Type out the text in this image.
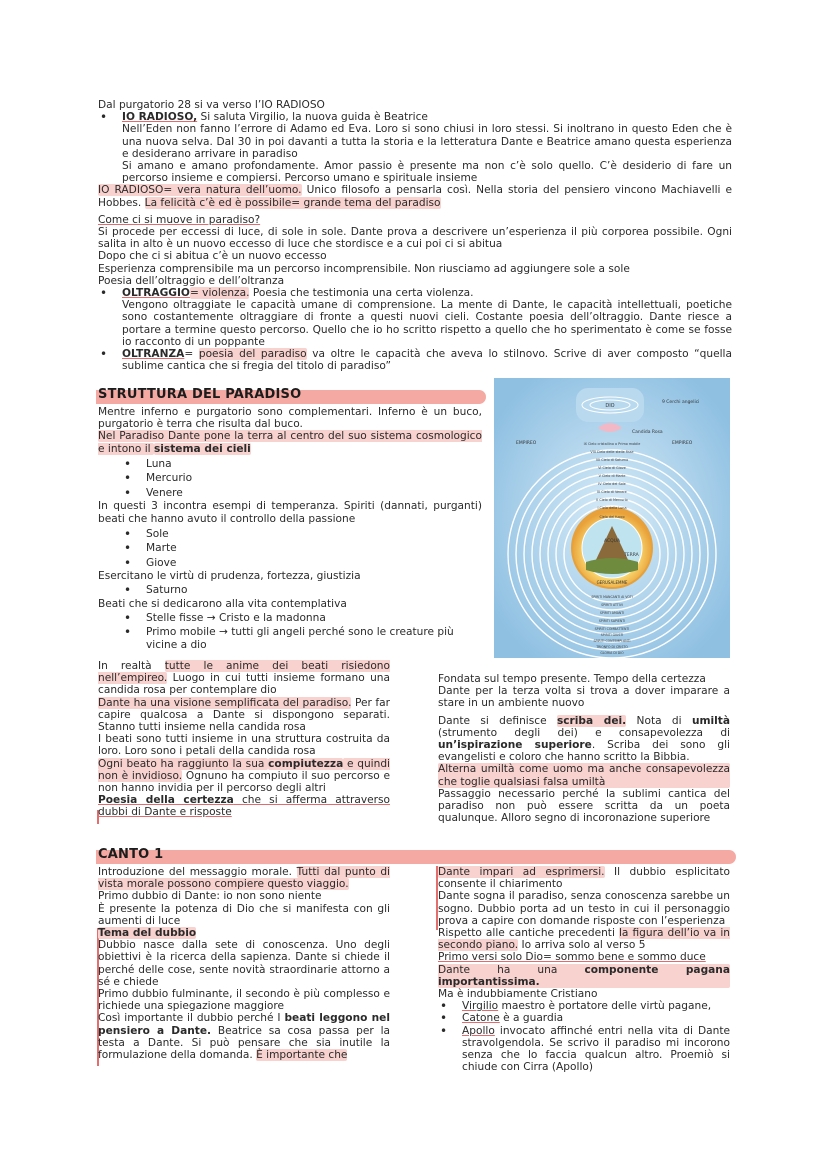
Dal purgatorio 28 si va verso l’IO RADIOSO

• IO RADIOSO, Si saluta Virgilio, la nuova guida è Beatrice

Nell’Eden non fanno l’errore di Adamo ed Eva. Loro si sono chiusi in loro stessi. Si inoltrano in questo Eden che è una nuova selva. Dal 30 in poi davanti a tutta la storia e la letteratura Dante e Beatrice amano questa esperienza e desiderano arrivare in paradiso

Si amano e amano profondamente. Amor passio è presente ma non c’è solo quello. C’è desiderio di fare un percorso insieme e compiersi. Percorso umano e spirituale insieme

IO RADIOSO= vera natura dell’uomo. Unico filosofo a pensarla così. Nella storia del pensiero vincono Machiavelli e Hobbes. La felicità c’è ed è possibile= grande tema del paradiso

Come ci si muove in paradiso?

Si procede per eccessi di luce, di sole in sole. Dante prova a descrivere un’esperienza il più corporea possibile. Ogni salita in alto è un nuovo eccesso di luce che stordisce e a cui poi ci si abitua

Dopo che ci si abitua c’è un nuovo eccesso

Esperienza comprensibile ma un percorso incomprensibile. Non riusciamo ad aggiungere sole a sole

Poesia dell’oltraggio e dell’oltranza

• OLTRAGGIO= violenza. Poesia che testimonia una certa violenza.

Vengono oltraggiate le capacità umane di comprensione. La mente di Dante, le capacità intellettuali, poetiche sono costantemente oltraggiare di fronte a questi nuovi cieli. Costante poesia dell’oltraggio. Dante riesce a portare a termine questo percorso. Quello che io ho scritto rispetto a quello che ho sperimentato è come se fosse io racconto di un poppante

• OLTRANZA= poesia del paradiso va oltre le capacità che aveva lo stilnovo. Scrive di aver composto “quella sublime cantica che si fregia del titolo di paradiso”
STRUTTURA DEL PARADISO

Mentre inferno e purgatorio sono complementari. Inferno è un buco, purgatorio è terra che risulta dal buco.

Nel Paradiso Dante pone la terra al centro del suo sistema cosmologico e intono il sistema dei cieli

• Luna
• Mercurio
• Venere

In questi 3 incontra esempi di temperanza. Spiriti (dannati, purganti) beati che hanno avuto il controllo della passione

• Sole
• Marte
• Giove

Esercitano le virtù di prudenza, fortezza, giustizia

• Saturno

Beati che si dedicarono alla vita contemplativa

• Stelle fisse → Cristo e la madonna
• Primo mobile → tutti gli angeli perché sono le creature più vicine a dio
DIO
9 Cerchi angelici
Candida Rosa
EMPIREO	EMPIREO
ACQUA
TERRA
GERUSALEMME
IX Cielo cristallino o Primo mobile
VIII Cielo delle stelle fisse
VII Cielo di Saturno
VI Cielo di Giove
V Cielo di Marte
IV Cielo del Sole
III Cielo di Venere
II Cielo di Mercurio
I Cielo della Luna
Cielo del fuoco
SPIRITI MANCANTI AI VOTI
SPIRITI ATTIVI
SPIRITI AMANTI
SPIRITI SAPIENTI
SPIRITI COMBATTENTI
SPIRITI GIUSTI
SPIRITI CONTEMPLANTI
TRIONFO DI CRISTO
GLORIA DI DIO

In realtà tutte le anime dei beati risiedono nell’empireo. Luogo in cui tutti insieme formano una candida rosa per contemplare dio

Dante ha una visione semplificata del paradiso. Per far capire qualcosa a Dante si dispongono separati. Stanno tutti insieme nella candida rosa

I beati sono tutti insieme in una struttura costruita da loro. Loro sono i petali della candida rosa

Ogni beato ha raggiunto la sua compiutezza e quindi non è invidioso. Ognuno ha compiuto il suo percorso e non hanno invidia per il percorso degli altri

Poesia della certezza che si afferma attraverso dubbi di Dante e risposte

Fondata sul tempo presente. Tempo della certezza

Dante per la terza volta si trova a dover imparare a stare in un ambiente nuovo

Dante si definisce scriba dei. Nota di umiltà (strumento degli dei) e consapevolezza di un’ispirazione superiore. Scriba dei sono gli evangelisti e coloro che hanno scritto la Bibbia.

Alterna umiltà come uomo ma anche consapevolezza che toglie qualsiasi falsa umiltà

Passaggio necessario perché la sublimi cantica del paradiso non può essere scritta da un poeta qualunque. Alloro segno di incoronazione superiore

CANTO 1

Introduzione del messaggio morale. Tutti dal punto di vista morale possono compiere questo viaggio.

Primo dubbio di Dante: io non sono niente

È presente la potenza di Dio che si manifesta con gli aumenti di luce

Tema del dubbio

Dubbio nasce dalla sete di conoscenza. Uno degli obiettivi è la ricerca della sapienza. Dante si chiede il perché delle cose, sente novità straordinarie attorno a sé e chiede

Primo dubbio fulminante, il secondo è più complesso e richiede una spiegazione maggiore

Così importante il dubbio perché I beati leggono nel pensiero a Dante. Beatrice sa cosa passa per la testa a Dante. Si può pensare che sia inutile la formulazione della domanda. È importante che

Dante impari ad esprimersi. Il dubbio esplicitato consente il chiarimento

Dante sogna il paradiso, senza conoscenza sarebbe un sogno. Dubbio porta ad un testo in cui il personaggio prova a capire con domande risposte con l’esperienza

Rispetto alle cantiche precedenti la figura dell’io va in secondo piano. Io arriva solo al verso 5

Primo versi solo Dio= sommo bene e sommo duce

Dante ha una componente pagana importantissima.

Ma è indubbiamente Cristiano

• Virgilio maestro è portatore delle virtù pagane,
• Catone è a guardia
• Apollo invocato affinché entri nella vita di Dante stravolgendola. Se scrivo il paradiso mi incorono senza che lo faccia qualcun altro. Proemiò si chiude con Cirra (Apollo)
